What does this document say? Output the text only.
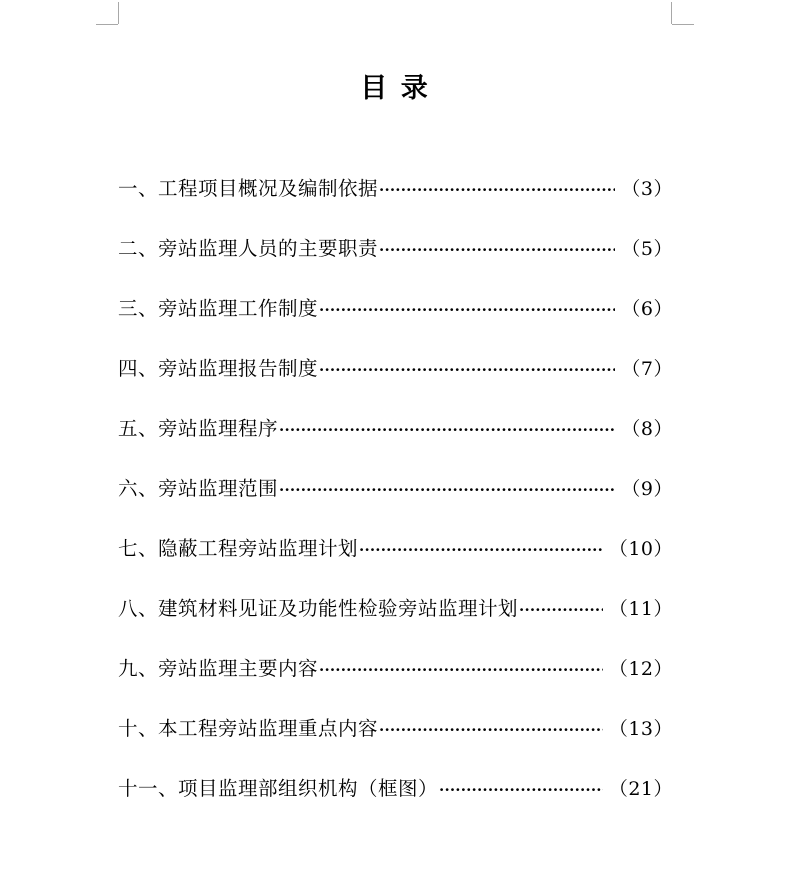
目 录
一、工程项目概况及编制依据 ·····	（3）
二、旁站监理人员的主要职责 ·····	（5）
三、旁站监理工作制度 ·····	（6）
四、旁站监理报告制度 ·····	（7）
五、旁站监理程序 ·····	（8）
六、旁站监理范围 ·····	（9）
七、隐蔽工程旁站监理计划 ·····	（10）
八、建筑材料见证及功能性检验旁站监理计划 ·····	（11）
九、旁站监理主要内容 ·····	（12）
十、本工程旁站监理重点内容 ·····	（13）
十一、项目监理部组织机构（框图） ·····	（21）
